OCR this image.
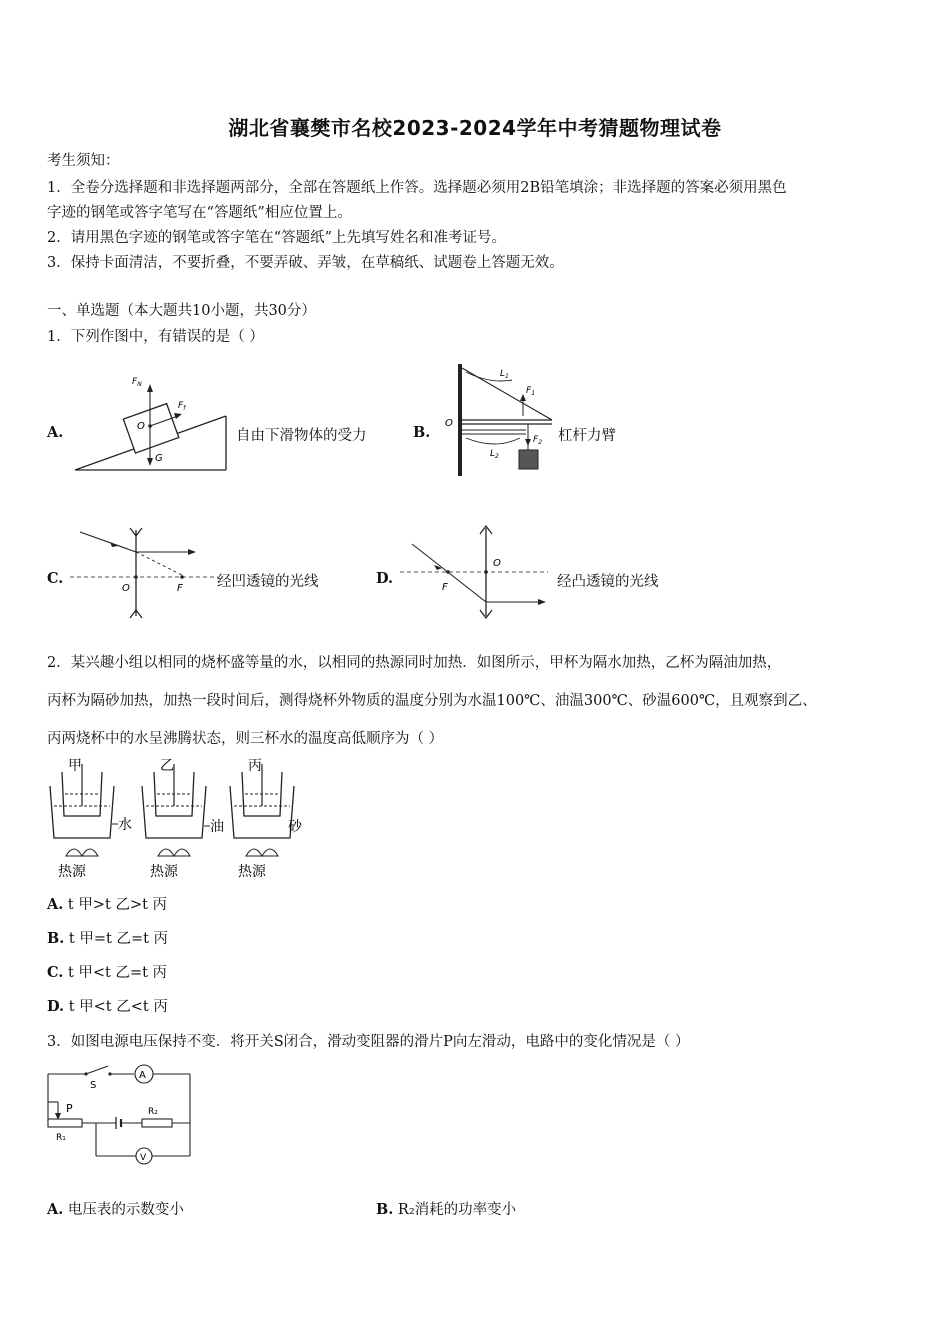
湖北省襄樊市名校2023-2024学年中考猜题物理试卷
考生须知：
1．全卷分选择题和非选择题两部分，全部在答题纸上作答。选择题必须用2B铅笔填涂；非选择题的答案必须用黑色
字迹的钢笔或答字笔写在“答题纸”相应位置上。
2．请用黑色字迹的钢笔或答字笔在“答题纸”上先填写姓名和准考证号。
3．保持卡面清洁，不要折叠，不要弄破、弄皱，在草稿纸、试题卷上答题无效。
一、单选题（本大题共10小题，共30分）
1．下列作图中，有错误的是（ ）
A.
$F_N$
$F_f$
O
G
自由下滑物体的受力	B.
O
$L_1$
$F_1$
$F_2$
$L_2$
杠杆力臂
C.
O	F 经凹透镜的光线	D.
O
F	经凸透镜的光线
2．某兴趣小组以相同的烧杯盛等量的水，以相同的热源同时加热．如图所示，甲杯为隔水加热，乙杯为隔油加热，
丙杯为隔砂加热，加热一段时间后，测得烧杯外物质的温度分别为水温100℃、油温300℃、砂温600℃，且观察到乙、
丙两烧杯中的水呈沸腾状态，则三杯水的温度高低顺序为（ ）
甲
水
热源
乙
油
热源
丙
砂
热源
A. t 甲>t 乙>t 丙
B. t 甲=t 乙=t 丙
C. t 甲<t 乙=t 丙
D. t 甲<t 乙<t 丙
3．如图电源电压保持不变．将开关S闭合，滑动变阻器的滑片P向左滑动，电路中的变化情况是（ ）
A
S
P
R₁
R₂
V
A. 电压表的示数变小	B. R₂消耗的功率变小
